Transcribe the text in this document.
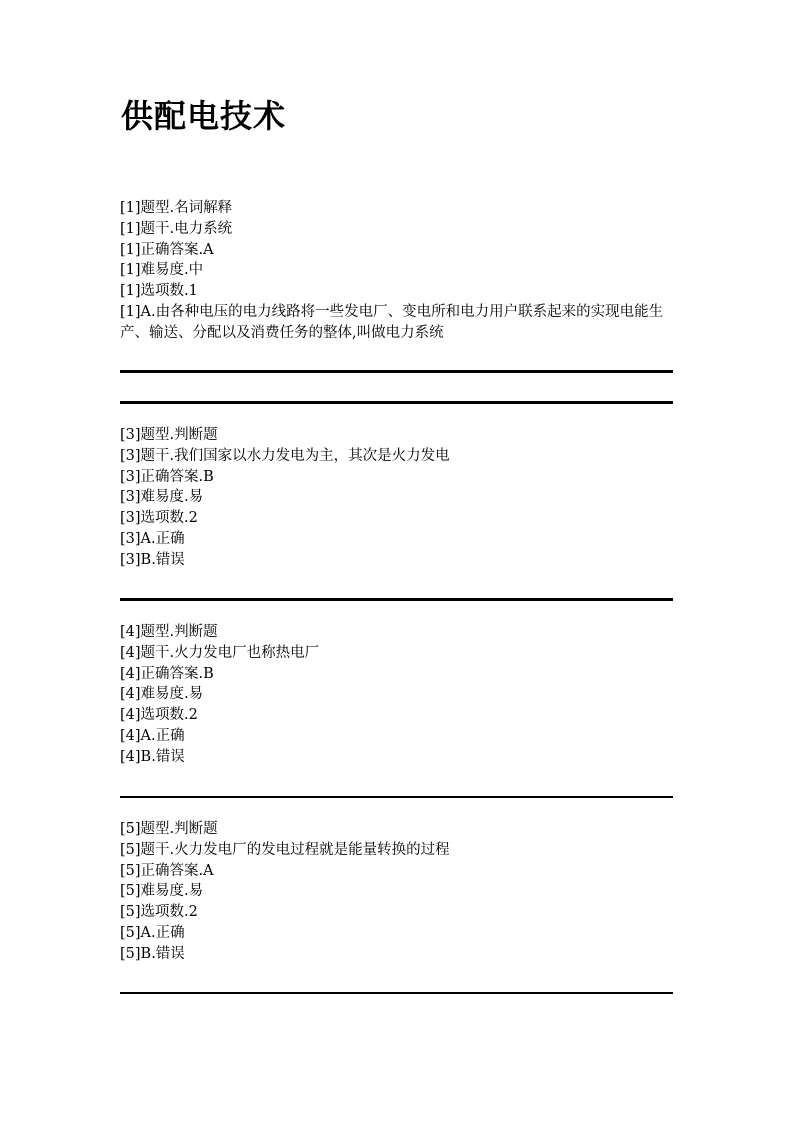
供配电技术
[1]题型.名词解释
[1]题干.电力系统
[1]正确答案.A
[1]难易度.中
[1]选项数.1
[1]A.由各种电压的电力线路将一些发电厂、变电所和电力用户联系起来的实现电能生产、输送、分配以及消费任务的整体,叫做电力系统
[3]题型.判断题
[3]题干.我们国家以水力发电为主，其次是火力发电
[3]正确答案.B
[3]难易度.易
[3]选项数.2
[3]A.正确
[3]B.错误
[4]题型.判断题
[4]题干.火力发电厂也称热电厂
[4]正确答案.B
[4]难易度.易
[4]选项数.2
[4]A.正确
[4]B.错误
[5]题型.判断题
[5]题干.火力发电厂的发电过程就是能量转换的过程
[5]正确答案.A
[5]难易度.易
[5]选项数.2
[5]A.正确
[5]B.错误
